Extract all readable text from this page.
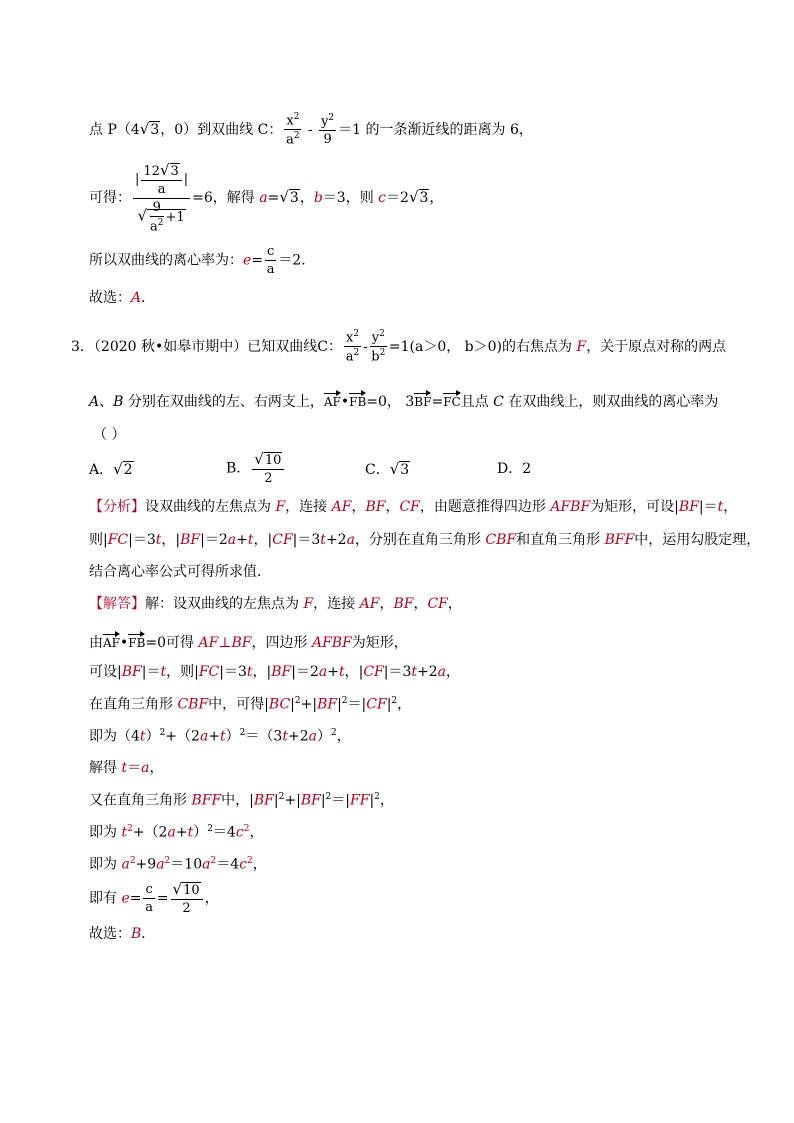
点 P（4√3，0）到双曲线 C： $\frac{x^2}{a^2} - \frac{y^2}{9} =1$ 的一条渐近线的距离为 6，
可得： $\frac{| \frac{12√3}{a} |}{√ \frac{9}{a^2} +1} =6$，解得 a=√3，b＝3，则 c＝2√3，
所以双曲线的离心率为：$e= \frac{c}{a} =2$．
故选：A．
3．（2020 秋•如皋市期中）已知双曲线C： $\frac{x^2}{a^2} - \frac{y^2}{b^2} =1(a>0$， b＞0)的右焦点为 F，关于原点对称的两点
A、B 分别在双曲线的左、右两支上，AF•FB=0， 3BF=FC且点 C 在双曲线上，则双曲线的离心率为
（ ）
A．√2	B． $\frac{√10}{2}$	C．√3	D．2
【分析】设双曲线的左焦点为 F，连接 AF，BF，CF，由题意推得四边形 AFBF为矩形，可设|BF|＝t，
则|FC|＝3t，|BF|＝2a+t，|CF|＝3t+2a，分别在直角三角形 CBF和直角三角形 BFF中，运用勾股定理，
结合离心率公式可得所求值．
【解答】解：设双曲线的左焦点为 F，连接 AF，BF，CF，
由AF•FB=0可得 AF⊥BF，四边形 AFBF为矩形，
可设|BF|＝t，则|FC|＝3t，|BF|＝2a+t，|CF|＝3t+2a，
在直角三角形 CBF中，可得$|BC|^2+|BF|^2=|CF|^2$，
即为$(4t)^2+(2a+t)^2=(3t+2a)^2$，
解得 t＝a，
又在直角三角形 BFF中，$|BF|^2+|BF|^2=|FF|^2$，
即为 $t^2+(2a+t)^2=4c^2$，
即为 $a^2+9a^2=10a^2=4c^2$，
即有 $e= \frac{c}{a} = \frac{√10}{2}$ ，
故选：B．
